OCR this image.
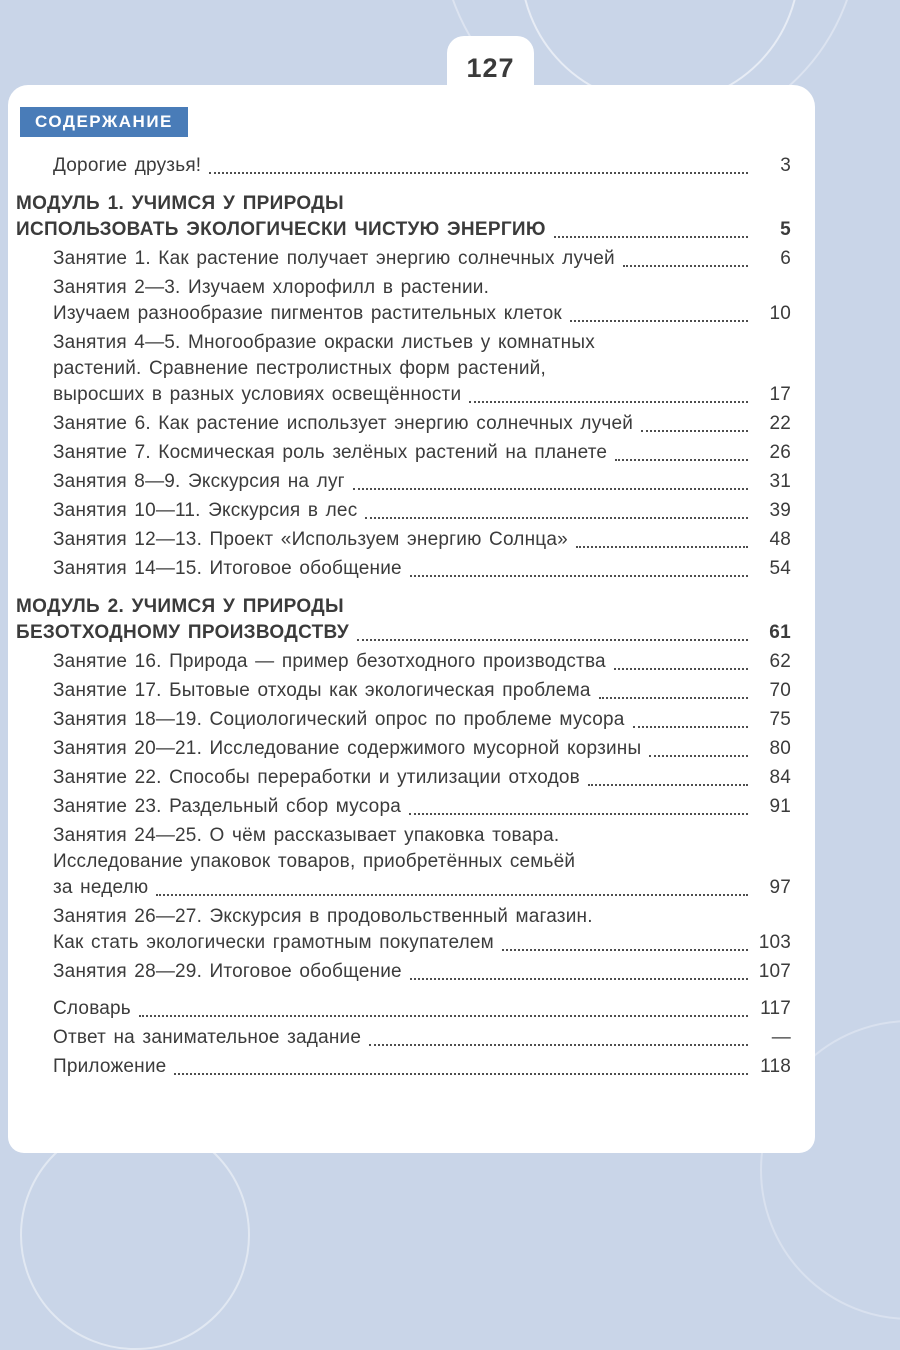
127
СОДЕРЖАНИЕ
Дорогие друзья!	3
МОДУЛЬ 1. УЧИМСЯ У ПРИРОДЫ
ИСПОЛЬЗОВАТЬ ЭКОЛОГИЧЕСКИ ЧИСТУЮ ЭНЕРГИЮ	5
Занятие 1. Как растение получает энергию солнечных лучей	6
Занятия 2—3. Изучаем хлорофилл в растении.
Изучаем разнообразие пигментов растительных клеток	10
Занятия 4—5. Многообразие окраски листьев у комнатных
растений. Сравнение пестролистных форм растений,
выросших в разных условиях освещённости	17
Занятие 6. Как растение использует энергию солнечных лучей	22
Занятие 7. Космическая роль зелёных растений на планете	26
Занятия 8—9. Экскурсия на луг	31
Занятия 10—11. Экскурсия в лес	39
Занятия 12—13. Проект «Используем энергию Солнца»	48
Занятия 14—15. Итоговое обобщение	54
МОДУЛЬ 2. УЧИМСЯ У ПРИРОДЫ
БЕЗОТХОДНОМУ ПРОИЗВОДСТВУ	61
Занятие 16. Природа — пример безотходного производства	62
Занятие 17. Бытовые отходы как экологическая проблема	70
Занятия 18—19. Социологический опрос по проблеме мусора	75
Занятия 20—21. Исследование содержимого мусорной корзины	80
Занятие 22. Способы переработки и утилизации отходов	84
Занятие 23. Раздельный сбор мусора	91
Занятия 24—25. О чём рассказывает упаковка товара.
Исследование упаковок товаров, приобретённых семьёй
за неделю	97
Занятия 26—27. Экскурсия в продовольственный магазин.
Как стать экологически грамотным покупателем	103
Занятия 28—29. Итоговое обобщение	107
Словарь	117
Ответ на занимательное задание	—
Приложение	118
